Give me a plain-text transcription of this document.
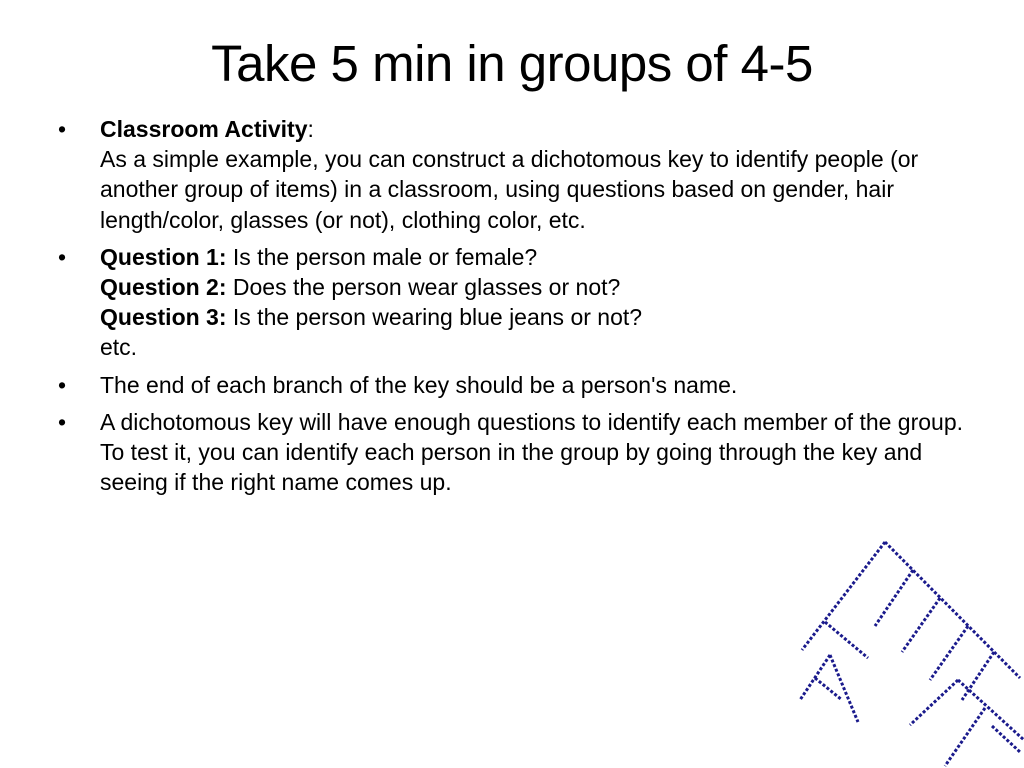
Take 5 min in groups of 4-5
• Classroom Activity:
As a simple example, you can construct a dichotomous key to identify people (or another group of items) in a classroom, using questions based on gender, hair length/color, glasses (or not), clothing color, etc.
• Question 1: Is the person male or female?
Question 2: Does the person wear glasses or not?
Question 3: Is the person wearing blue jeans or not?
etc.
• The end of each branch of the key should be a person's name.
• A dichotomous key will have enough questions to identify each member of the group. To test it, you can identify each person in the group by going through the key and seeing if the right name comes up.
